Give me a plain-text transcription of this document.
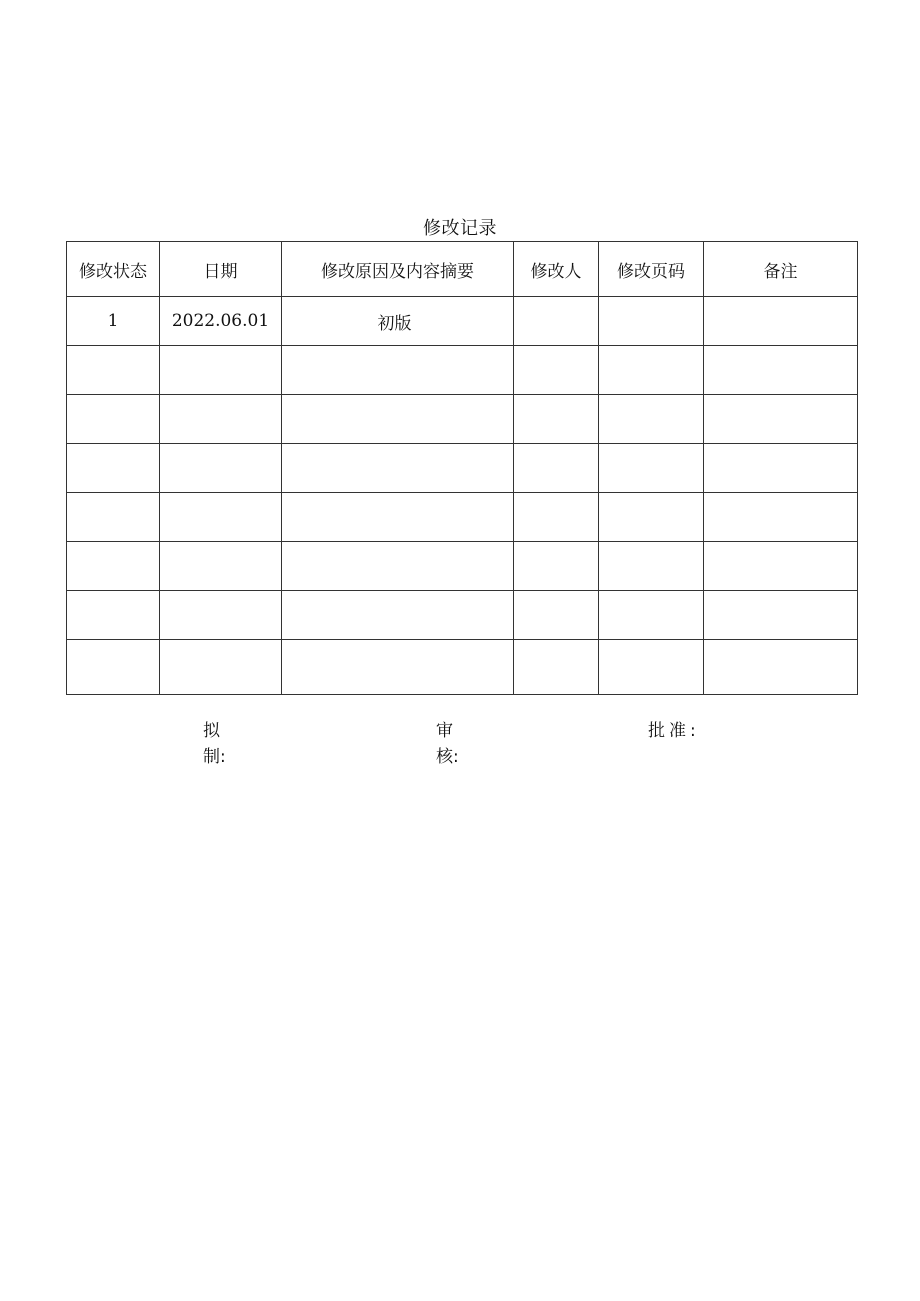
修改记录
修改状态	日期	修改原因及内容摘要	修改人	修改页码	备注
1	2022.06.01	初版			

拟
制:
审
核:
批准:
